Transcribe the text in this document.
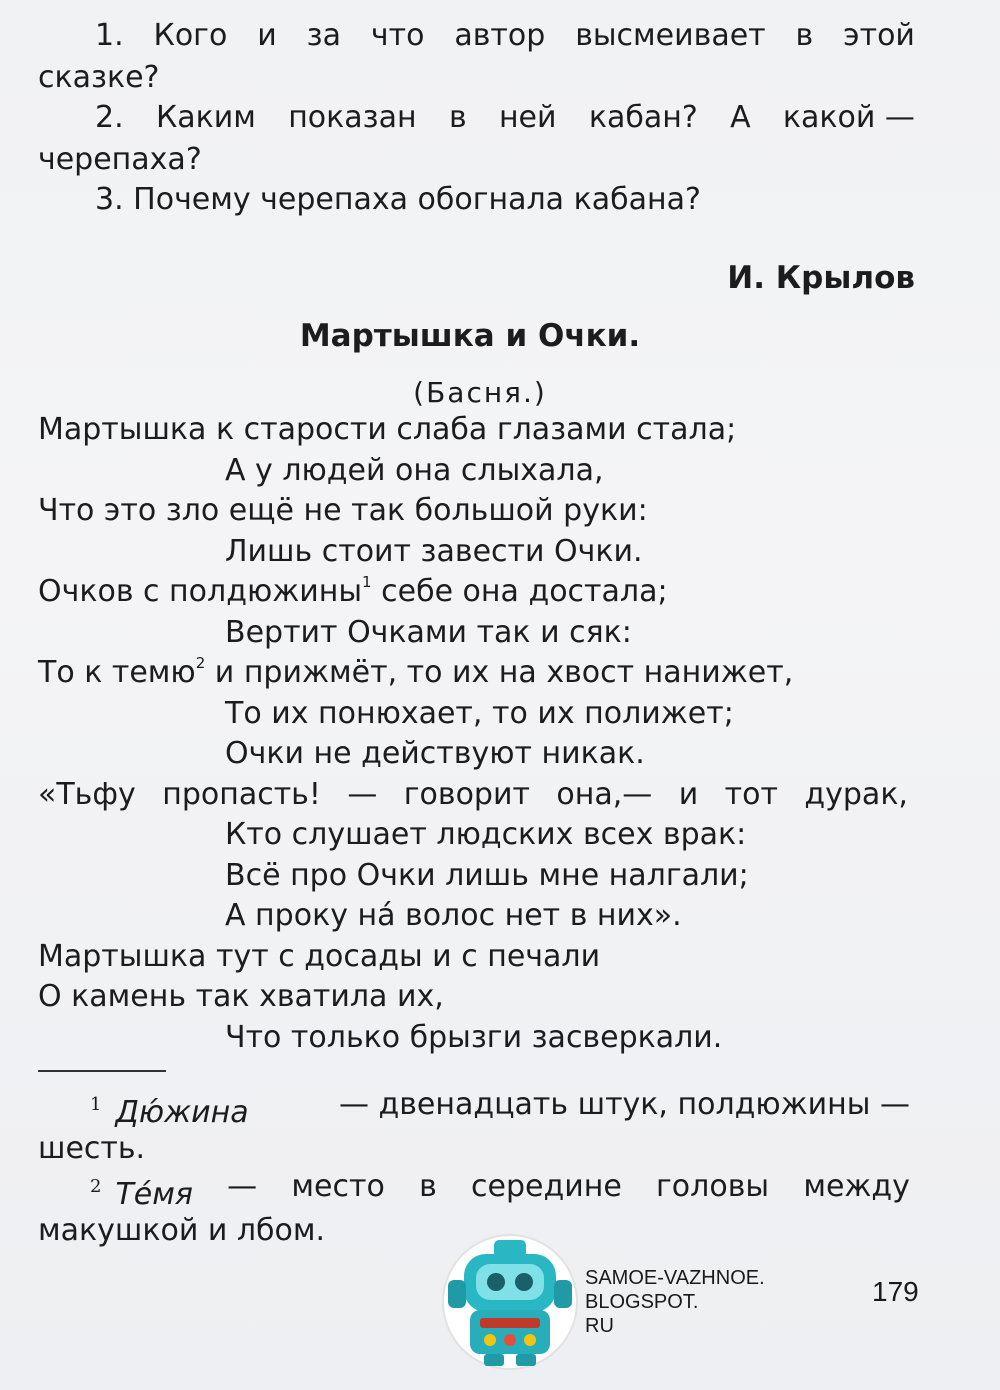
1. Кого и за что автор высмеивает в этой
сказке?
2. Каким показан в ней кабан? А какой —
черепаха?
3. Почему черепаха обогнала кабана?
И. Крылов
Мартышка и Очки.
(Басня.)
Мартышка к старости слаба глазами стала;
А у людей она слыхала,
Что это зло ещё не так большой руки:
Лишь стоит завести Очки.
Очков с полдюжины$^1$ себе она достала;
Вертит Очками так и сяк:
То к темю$^2$ и прижмёт, то их на хвост нанижет,
То их понюхает, то их полижет;
Очки не действуют никак.
«Тьфу пропасть! — говорит она,— и тот дурак,
Кто слушает людских всех врак:
Всё про Очки лишь мне налгали;
А проку на́ волос нет в них».
Мартышка тут с досады и с печали
О камень так хватила их,
Что только брызги засверкали.
$^1$ Дю́жина	— двенадцать штук, полдюжины —
шесть.
$^2$ Те́мя — место в середине головы между
макушкой и лбом.
SAMOE-VAZHNOE.
BLOGSPOT.
RU
179
